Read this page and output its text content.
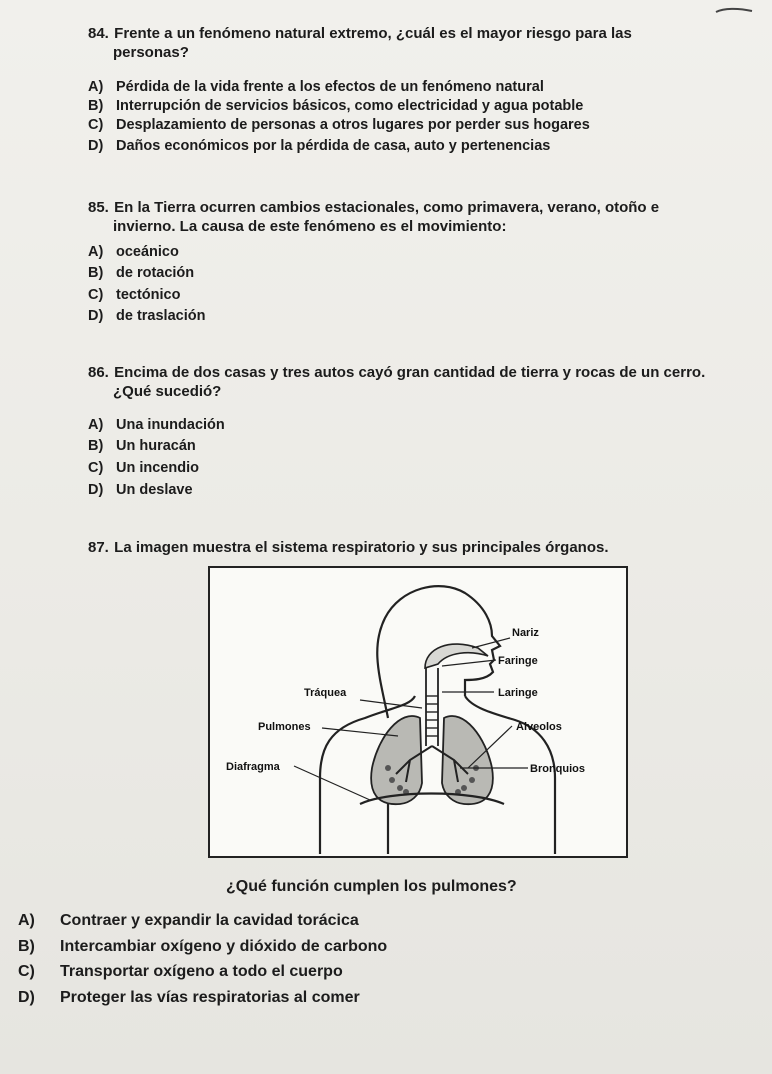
84. Frente a un fenómeno natural extremo, ¿cuál es el mayor riesgo para las
personas?
A) Pérdida de la vida frente a los efectos de un fenómeno natural
B) Interrupción de servicios básicos, como electricidad y agua potable
C) Desplazamiento de personas a otros lugares por perder sus hogares
D) Daños económicos por la pérdida de casa, auto y pertenencias
85. En la Tierra ocurren cambios estacionales, como primavera, verano, otoño e
invierno. La causa de este fenómeno es el movimiento:
A) oceánico
B) de rotación
C) tectónico
D) de traslación
86. Encima de dos casas y tres autos cayó gran cantidad de tierra y rocas de un cerro.
¿Qué sucedió?
A) Una inundación
B) Un huracán
C) Un incendio
D) Un deslave
87. La imagen muestra el sistema respiratorio y sus principales órganos.
Nariz
Faringe
Tráquea	Laringe
Pulmones	Alveolos
Diafragma	Bronquios
¿Qué función cumplen los pulmones?
A) Contraer y expandir la cavidad torácica
B) Intercambiar oxígeno y dióxido de carbono
C) Transportar oxígeno a todo el cuerpo
D) Proteger las vías respiratorias al comer
